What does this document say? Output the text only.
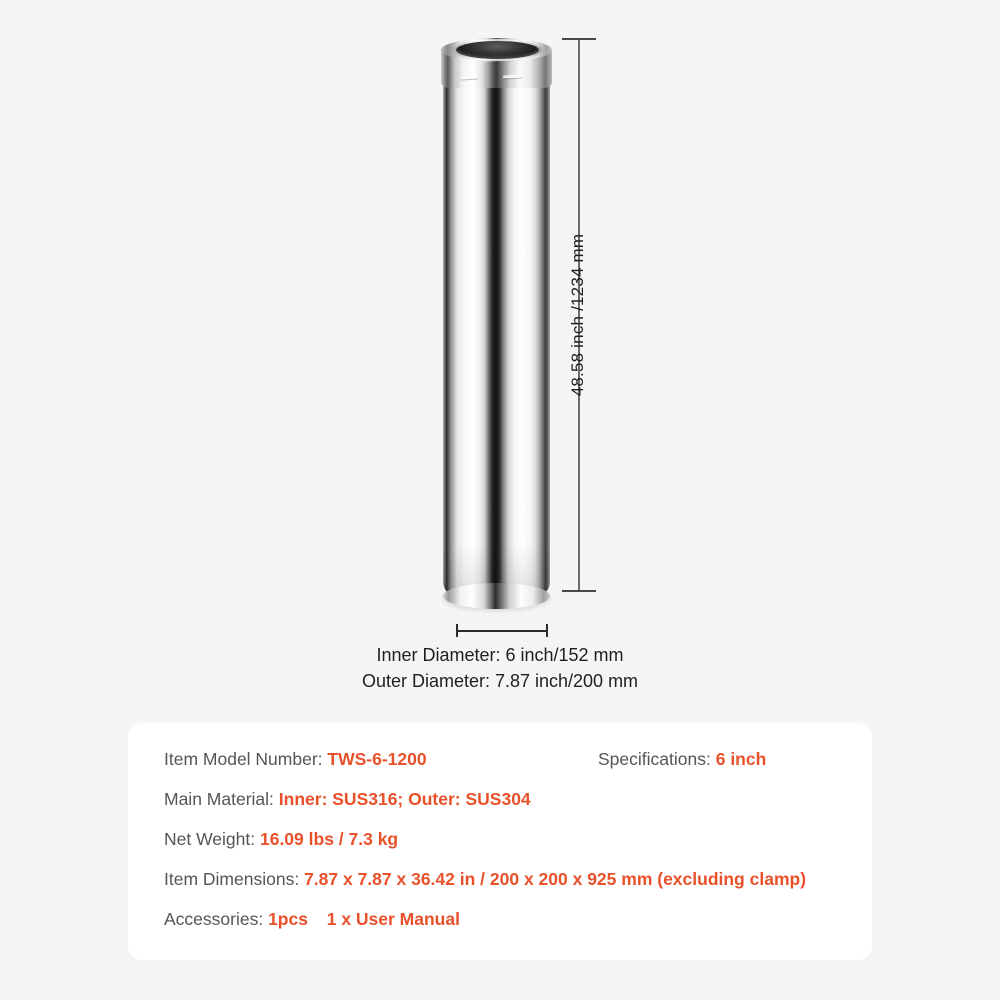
48.58 inch /1234 mm
Inner Diameter: 6 inch/152 mm
Outer Diameter: 7.87 inch/200 mm
Item Model Number: TWS-6-1200	Specifications: 6 inch
Main Material: Inner: SUS316; Outer: SUS304
Net Weight: 16.09 lbs / 7.3 kg
Item Dimensions: 7.87 x 7.87 x 36.42 in / 200 x 200 x 925 mm (excluding clamp)
Accessories: 1pcs 1 x User Manual
